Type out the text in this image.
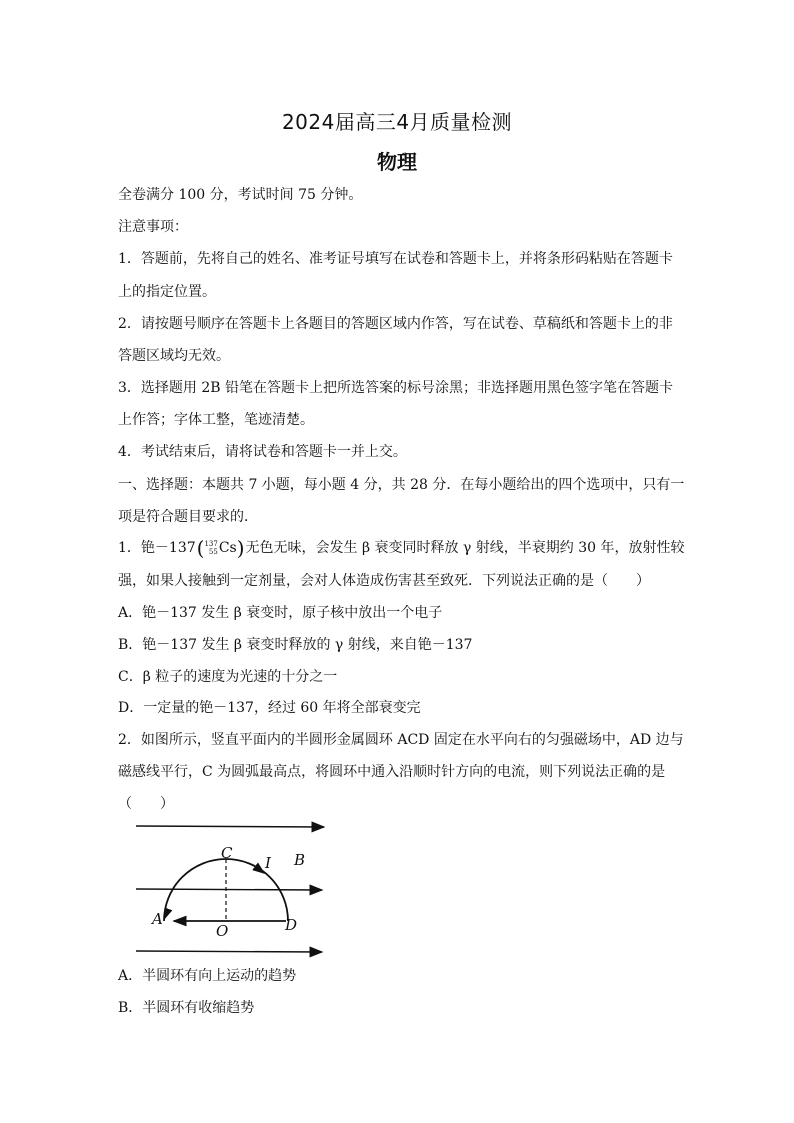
2024届高三4月质量检测
物理
全卷满分 100 分，考试时间 75 分钟。
注意事项：
1．答题前，先将自己的姓名、准考证号填写在试卷和答题卡上，并将条形码粘贴在答题卡
上的指定位置。
2．请按题号顺序在答题卡上各题目的答题区域内作答，写在试卷、草稿纸和答题卡上的非
答题区域均无效。
3．选择题用 2B 铅笔在答题卡上把所选答案的标号涂黑；非选择题用黑色签字笔在答题卡
上作答；字体工整，笔迹清楚。
4．考试结束后，请将试卷和答题卡一并上交。
一、选择题：本题共 7 小题，每小题 4 分，共 28 分．在每小题给出的四个选项中，只有一
项是符合题目要求的．
1．铯－137(137
55Cs)无色无味，会发生 β 衰变同时释放 γ 射线，半衰期约 30 年，放射性较
强，如果人接触到一定剂量，会对人体造成伤害甚至致死．下列说法正确的是（　　）
A．铯－137 发生 β 衰变时，原子核中放出一个电子
B．铯－137 发生 β 衰变时释放的 γ 射线，来自铯－137
C．β 粒子的速度为光速的十分之一
D．一定量的铯－137，经过 60 年将全部衰变完
2．如图所示，竖直平面内的半圆形金属圆环 ACD 固定在水平向右的匀强磁场中，AD 边与
磁感线平行，C 为圆弧最高点，将圆环中通入沿顺时针方向的电流，则下列说法正确的是
（　　）
C
I B
A
O	D
A．半圆环有向上运动的趋势
B．半圆环有收缩趋势
